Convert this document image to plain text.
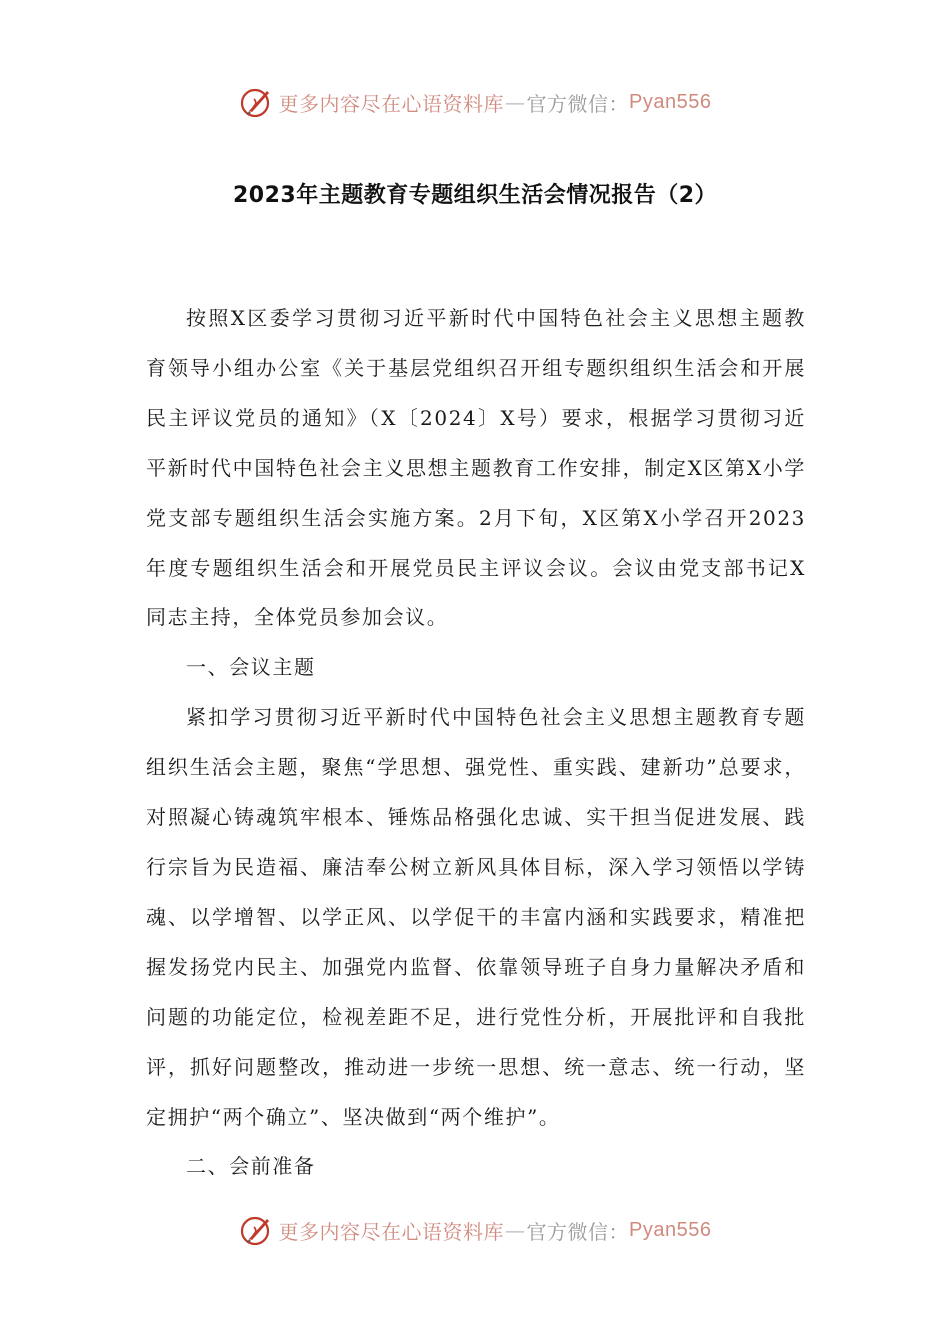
更多内容尽在心语资料库 — 官方微信： Pyan556
2023年主题教育专题组织生活会情况报告（2）

按照X区委学习贯彻习近平新时代中国特色社会主义思想主题教育领导小组办公室《关于基层党组织召开组专题织组织生活会和开展民主评议党员的通知》（X〔2024〕X号）要求，根据学习贯彻习近平新时代中国特色社会主义思想主题教育工作安排，制定X区第X小学党支部专题组织生活会实施方案。2月下旬，X区第X小学召开2023年度专题组织生活会和开展党员民主评议会议。会议由党支部书记X同志主持，全体党员参加会议。

一、会议主题

紧扣学习贯彻习近平新时代中国特色社会主义思想主题教育专题组织生活会主题，聚焦“学思想、强党性、重实践、建新功”总要求，对照凝心铸魂筑牢根本、锤炼品格强化忠诚、实干担当促进发展、践行宗旨为民造福、廉洁奉公树立新风具体目标，深入学习领悟以学铸魂、以学增智、以学正风、以学促干的丰富内涵和实践要求，精准把握发扬党内民主、加强党内监督、依靠领导班子自身力量解决矛盾和问题的功能定位，检视差距不足，进行党性分析，开展批评和自我批评，抓好问题整改，推动进一步统一思想、统一意志、统一行动，坚定拥护“两个确立”、坚决做到“两个维护”。

二、会前准备

更多内容尽在心语资料库 — 官方微信： Pyan556
